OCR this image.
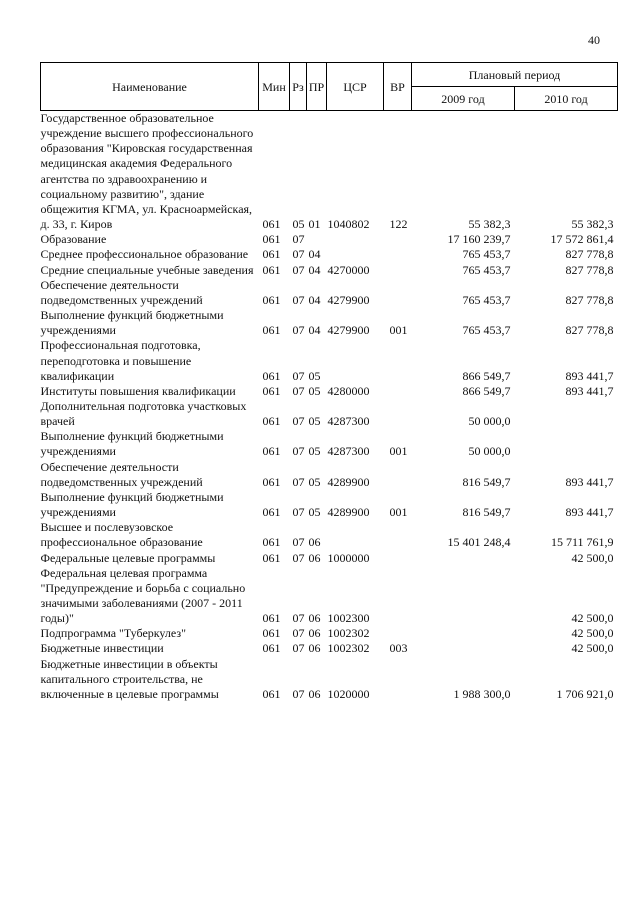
40
Наименование	Мин	Рз	ПР	ЦСР	ВР	Плановый период	
						2009 год	2010 год
Государственное образовательное учреждение высшего профессионального образования "Кировская государственная медицинская академия Федерального агентства по здравоохранению и социальному развитию", здание общежития КГМА, ул. Красноармейская, д. 33, г. Киров	061	05	01	1040802	122	55 382,3	55 382,3
Образование	061	07				17 160 239,7	17 572 861,4
Среднее профессиональное образование	061	07	04			765 453,7	827 778,8
Средние специальные учебные заведения	061	07	04	4270000		765 453,7	827 778,8
Обеспечение деятельности подведомственных учреждений	061	07	04	4279900		765 453,7	827 778,8
Выполнение функций бюджетными учреждениями	061	07	04	4279900	001	765 453,7	827 778,8
Профессиональная подготовка, переподготовка и повышение квалификации	061	07	05			866 549,7	893 441,7
Институты повышения квалификации	061	07	05	4280000		866 549,7	893 441,7
Дополнительная подготовка участковых врачей	061	07	05	4287300		50 000,0	
Выполнение функций бюджетными учреждениями	061	07	05	4287300	001	50 000,0	
Обеспечение деятельности подведомственных учреждений	061	07	05	4289900		816 549,7	893 441,7
Выполнение функций бюджетными учреждениями	061	07	05	4289900	001	816 549,7	893 441,7
Высшее и послевузовское профессиональное образование	061	07	06			15 401 248,4	15 711 761,9
Федеральные целевые программы	061	07	06	1000000			42 500,0
Федеральная целевая программа "Предупреждение и борьба с социально значимыми заболеваниями (2007 - 2011 годы)"	061	07	06	1002300			42 500,0
Подпрограмма "Туберкулез"	061	07	06	1002302			42 500,0
Бюджетные инвестиции	061	07	06	1002302	003		42 500,0
Бюджетные инвестиции в объекты капитального строительства, не включенные в целевые программы	061	07	06	1020000		1 988 300,0	1 706 921,0
